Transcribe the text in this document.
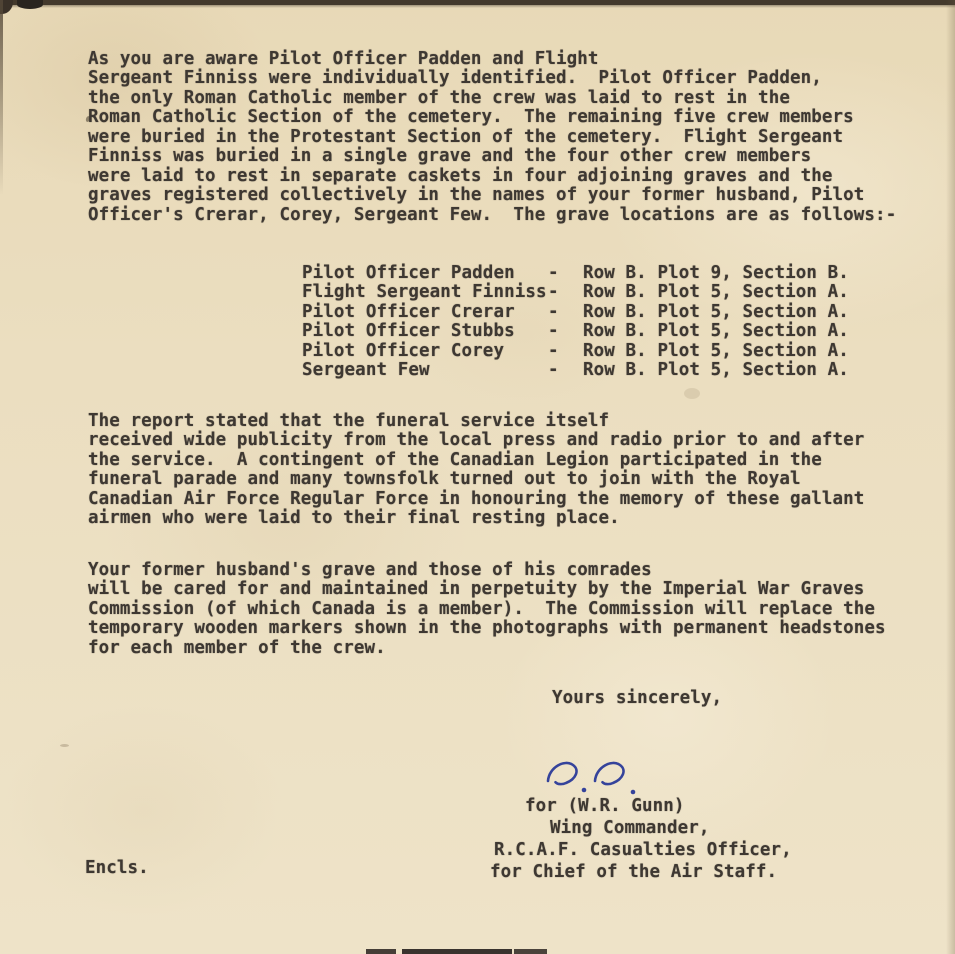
As you are aware Pilot Officer Padden and Flight
Sergeant Finniss were individually identified.  Pilot Officer Padden,
the only Roman Catholic member of the crew was laid to rest in the
Roman Catholic Section of the cemetery.  The remaining five crew members
were buried in the Protestant Section of the cemetery.  Flight Sergeant
Finniss was buried in a single grave and the four other crew members
were laid to rest in separate caskets in four adjoining graves and the
graves registered collectively in the names of your former husband, Pilot
Officer's Crerar, Corey, Sergeant Few.  The grave locations are as follows:-
Pilot Officer Padden	-	Row B. Plot 9, Section B.
Flight Sergeant Finniss -	Row B. Plot 5, Section A.
Pilot Officer Crerar	-	Row B. Plot 5, Section A.
Pilot Officer Stubbs	-	Row B. Plot 5, Section A.
Pilot Officer Corey	-	Row B. Plot 5, Section A.
Sergeant Few	-	Row B. Plot 5, Section A.
The report stated that the funeral service itself
received wide publicity from the local press and radio prior to and after
the service.  A contingent of the Canadian Legion participated in the
funeral parade and many townsfolk turned out to join with the Royal
Canadian Air Force Regular Force in honouring the memory of these gallant
airmen who were laid to their final resting place.
Your former husband's grave and those of his comrades
will be cared for and maintained in perpetuity by the Imperial War Graves
Commission (of which Canada is a member).  The Commission will replace the
temporary wooden markers shown in the photographs with permanent headstones
for each member of the crew.
Yours sincerely,
for (W.R. Gunn)
Wing Commander,
R.C.A.F. Casualties Officer,
for Chief of the Air Staff.
Encls.
